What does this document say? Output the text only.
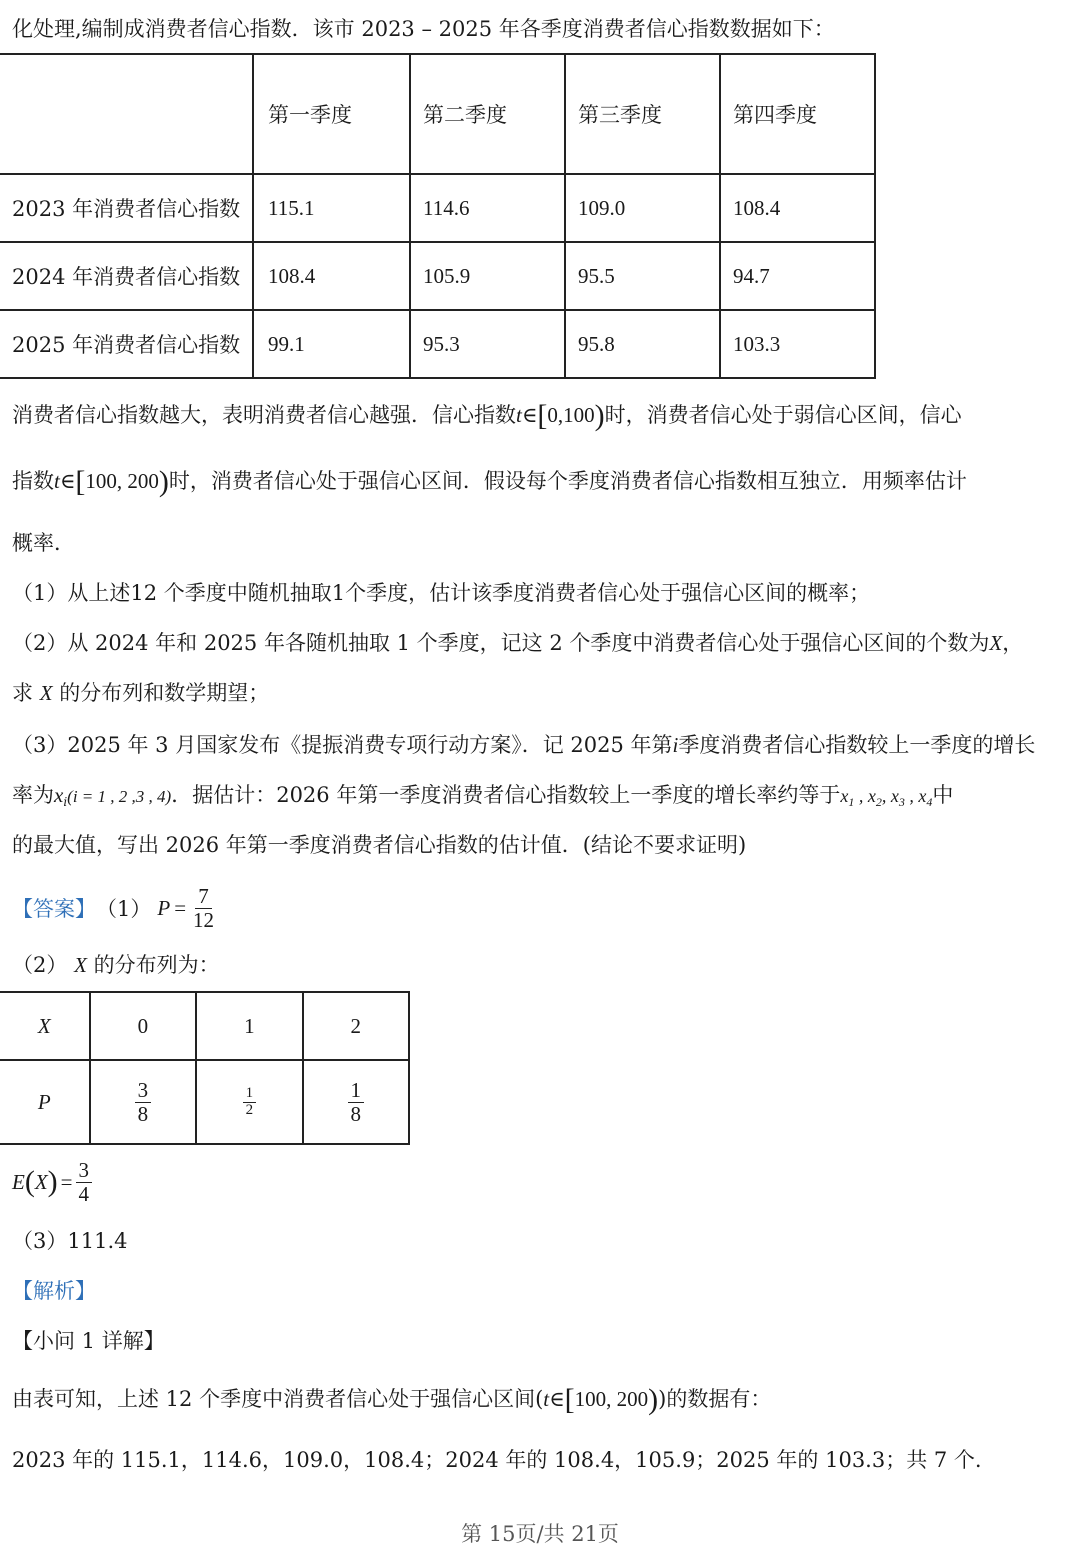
化处理,编制成消费者信心指数．该市 2023 – 2025 年各季度消费者信心指数数据如下：
	第一季度	第二季度	第三季度	第四季度
2023 年消费者信心指数	115.1	114.6	109.0	108.4
2024 年消费者信心指数	108.4	105.9	95.5	94.7
2025 年消费者信心指数	99.1	95.3	95.8	103.3
消费者信心指数越大，表明消费者信心越强．信心指数t∈[0,100)时，消费者信心处于弱信心区间，信心
指数t∈[100, 200)时，消费者信心处于强信心区间．假设每个季度消费者信心指数相互独立．用频率估计
概率．
（1）从上述12 个季度中随机抽取1个季度，估计该季度消费者信心处于强信心区间的概率；
（2）从 2024 年和 2025 年各随机抽取 1 个季度，记这 2 个季度中消费者信心处于强信心区间的个数为X，
求 X 的分布列和数学期望；
（3）2025 年 3 月国家发布《提振消费专项行动方案》．记 2025 年第i季度消费者信心指数较上一季度的增长
率为$x_i(i = 1$ , 2 ,3 , 4)．据估计：2026 年第一季度消费者信心指数较上一季度的增长率约等于$x_1$ , $x_2$, $x_3$ , $x_4$中
的最大值，写出 2026 年第一季度消费者信心指数的估计值．(结论不要求证明)
【答案】 （1） $P = \frac{7}{12}$
（2） X 的分布列为：
X	0	1	2
P	$\frac{3}{8}$	$\frac{1}{2}$	$\frac{1}{8}$
E ( X ) = $\frac{3}{4}$
（3）111.4
【解析】
【小问 1 详解】
由表可知，上述 12 个季度中消费者信心处于强信心区间(t∈[100, 200))的数据有：
2023 年的 115.1，114.6，109.0，108.4；2024 年的 108.4，105.9；2025 年的 103.3；共 7 个.
第 15页/共 21页
